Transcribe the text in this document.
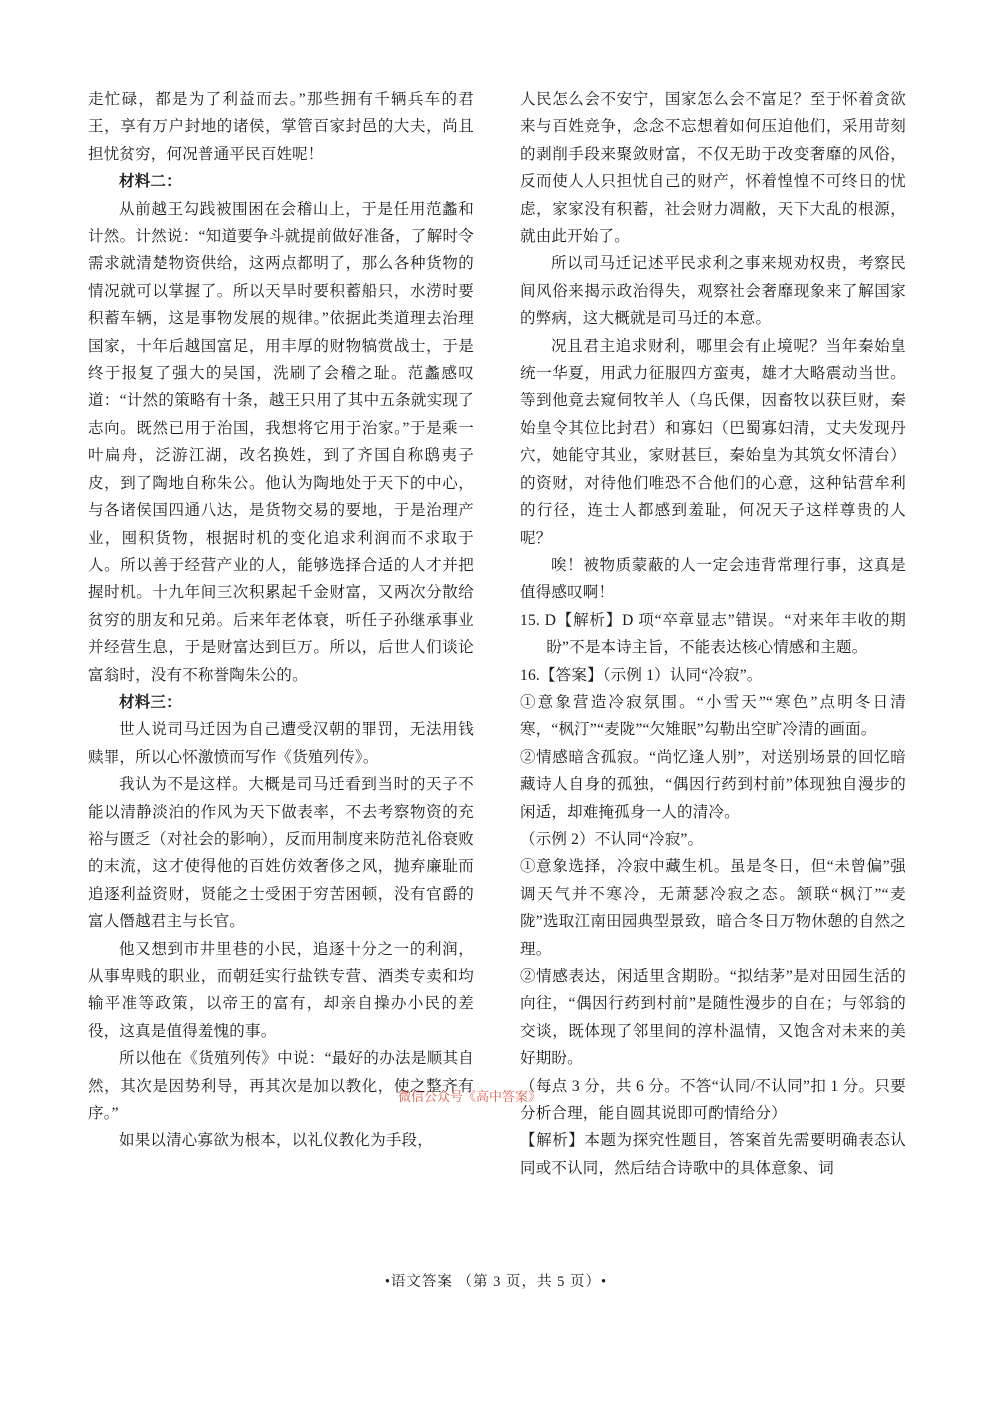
走忙碌，都是为了利益而去。”那些拥有千辆兵车的君王，享有万户封地的诸侯，掌管百家封邑的大夫，尚且担忧贫穷，何况普通平民百姓呢！

材料二：

从前越王勾践被围困在会稽山上，于是任用范蠡和计然。计然说：“知道要争斗就提前做好准备，了解时令需求就清楚物资供给，这两点都明了，那么各种货物的情况就可以掌握了。所以天旱时要积蓄船只，水涝时要积蓄车辆，这是事物发展的规律。”依据此类道理去治理国家，十年后越国富足，用丰厚的财物犒赏战士，于是终于报复了强大的吴国，洗刷了会稽之耻。范蠡感叹道：“计然的策略有十条，越王只用了其中五条就实现了志向。既然已用于治国，我想将它用于治家。”于是乘一叶扁舟，泛游江湖，改名换姓，到了齐国自称鸱夷子皮，到了陶地自称朱公。他认为陶地处于天下的中心，与各诸侯国四通八达，是货物交易的要地，于是治理产业，囤积货物，根据时机的变化追求利润而不求取于人。所以善于经营产业的人，能够选择合适的人才并把握时机。十九年间三次积累起千金财富，又两次分散给贫穷的朋友和兄弟。后来年老体衰，听任子孙继承事业并经营生息，于是财富达到巨万。所以，后世人们谈论富翁时，没有不称誉陶朱公的。

材料三：

世人说司马迁因为自己遭受汉朝的罪罚，无法用钱赎罪，所以心怀激愤而写作《货殖列传》。

我认为不是这样。大概是司马迁看到当时的天子不能以清静淡泊的作风为天下做表率，不去考察物资的充裕与匮乏（对社会的影响），反而用制度来防范礼俗衰败的末流，这才使得他的百姓仿效奢侈之风，抛弃廉耻而追逐利益资财，贤能之士受困于穷苦困顿，没有官爵的富人僭越君主与长官。

他又想到市井里巷的小民，追逐十分之一的利润，从事卑贱的职业，而朝廷实行盐铁专营、酒类专卖和均输平准等政策，以帝王的富有，却亲自操办小民的差役，这真是值得羞愧的事。

所以他在《货殖列传》中说：“最好的办法是顺其自然，其次是因势利导，再其次是加以教化，使之整齐有序。”

如果以清心寡欲为根本，以礼仪教化为手段，

人民怎么会不安宁，国家怎么会不富足？至于怀着贪欲来与百姓竞争，念念不忘想着如何压迫他们，采用苛刻的剥削手段来聚敛财富，不仅无助于改变奢靡的风俗，反而使人人只担忧自己的财产，怀着惶惶不可终日的忧虑，家家没有积蓄，社会财力凋敝，天下大乱的根源，就由此开始了。

所以司马迁记述平民求利之事来规劝权贵，考察民间风俗来揭示政治得失，观察社会奢靡现象来了解国家的弊病，这大概就是司马迁的本意。

况且君主追求财利，哪里会有止境呢？当年秦始皇统一华夏，用武力征服四方蛮夷，雄才大略震动当世。等到他竟去窥伺牧羊人（乌氏倮，因畜牧以获巨财，秦始皇令其位比封君）和寡妇（巴蜀寡妇清，丈夫发现丹穴，她能守其业，家财甚巨，秦始皇为其筑女怀清台）的资财，对待他们唯恐不合他们的心意，这种钻营牟利的行径，连士人都感到羞耻，何况天子这样尊贵的人呢？

唉！被物质蒙蔽的人一定会违背常理行事，这真是值得感叹啊！

15. D【解析】D 项“卒章显志”错误。“对来年丰收的期盼”不是本诗主旨，不能表达核心情感和主题。

16.【答案】（示例 1）认同“冷寂”。

①意象营造冷寂氛围。“小雪天”“寒色”点明冬日清寒，“枫汀”“麦陇”“欠雉眠”勾勒出空旷冷清的画面。

②情感暗含孤寂。“尚忆逢人别”，对送别场景的回忆暗藏诗人自身的孤独，“偶因行药到村前”体现独自漫步的闲适，却难掩孤身一人的清冷。

（示例 2）不认同“冷寂”。

①意象选择，冷寂中藏生机。虽是冬日，但“未曾偏”强调天气并不寒冷，无萧瑟冷寂之态。颔联“枫汀”“麦陇”选取江南田园典型景致，暗合冬日万物休憩的自然之理。

②情感表达，闲适里含期盼。“拟结茅”是对田园生活的向往，“偶因行药到村前”是随性漫步的自在；与邻翁的交谈，既体现了邻里间的淳朴温情，又饱含对未来的美好期盼。

（每点 3 分，共 6 分。不答“认同/不认同”扣 1 分。只要分析合理，能自圆其说即可酌情给分）

【解析】本题为探究性题目，答案首先需要明确表态认同或不认同，然后结合诗歌中的具体意象、词

微信公众号《高中答案》
•语文答案 （第 3 页，共 5 页）•
